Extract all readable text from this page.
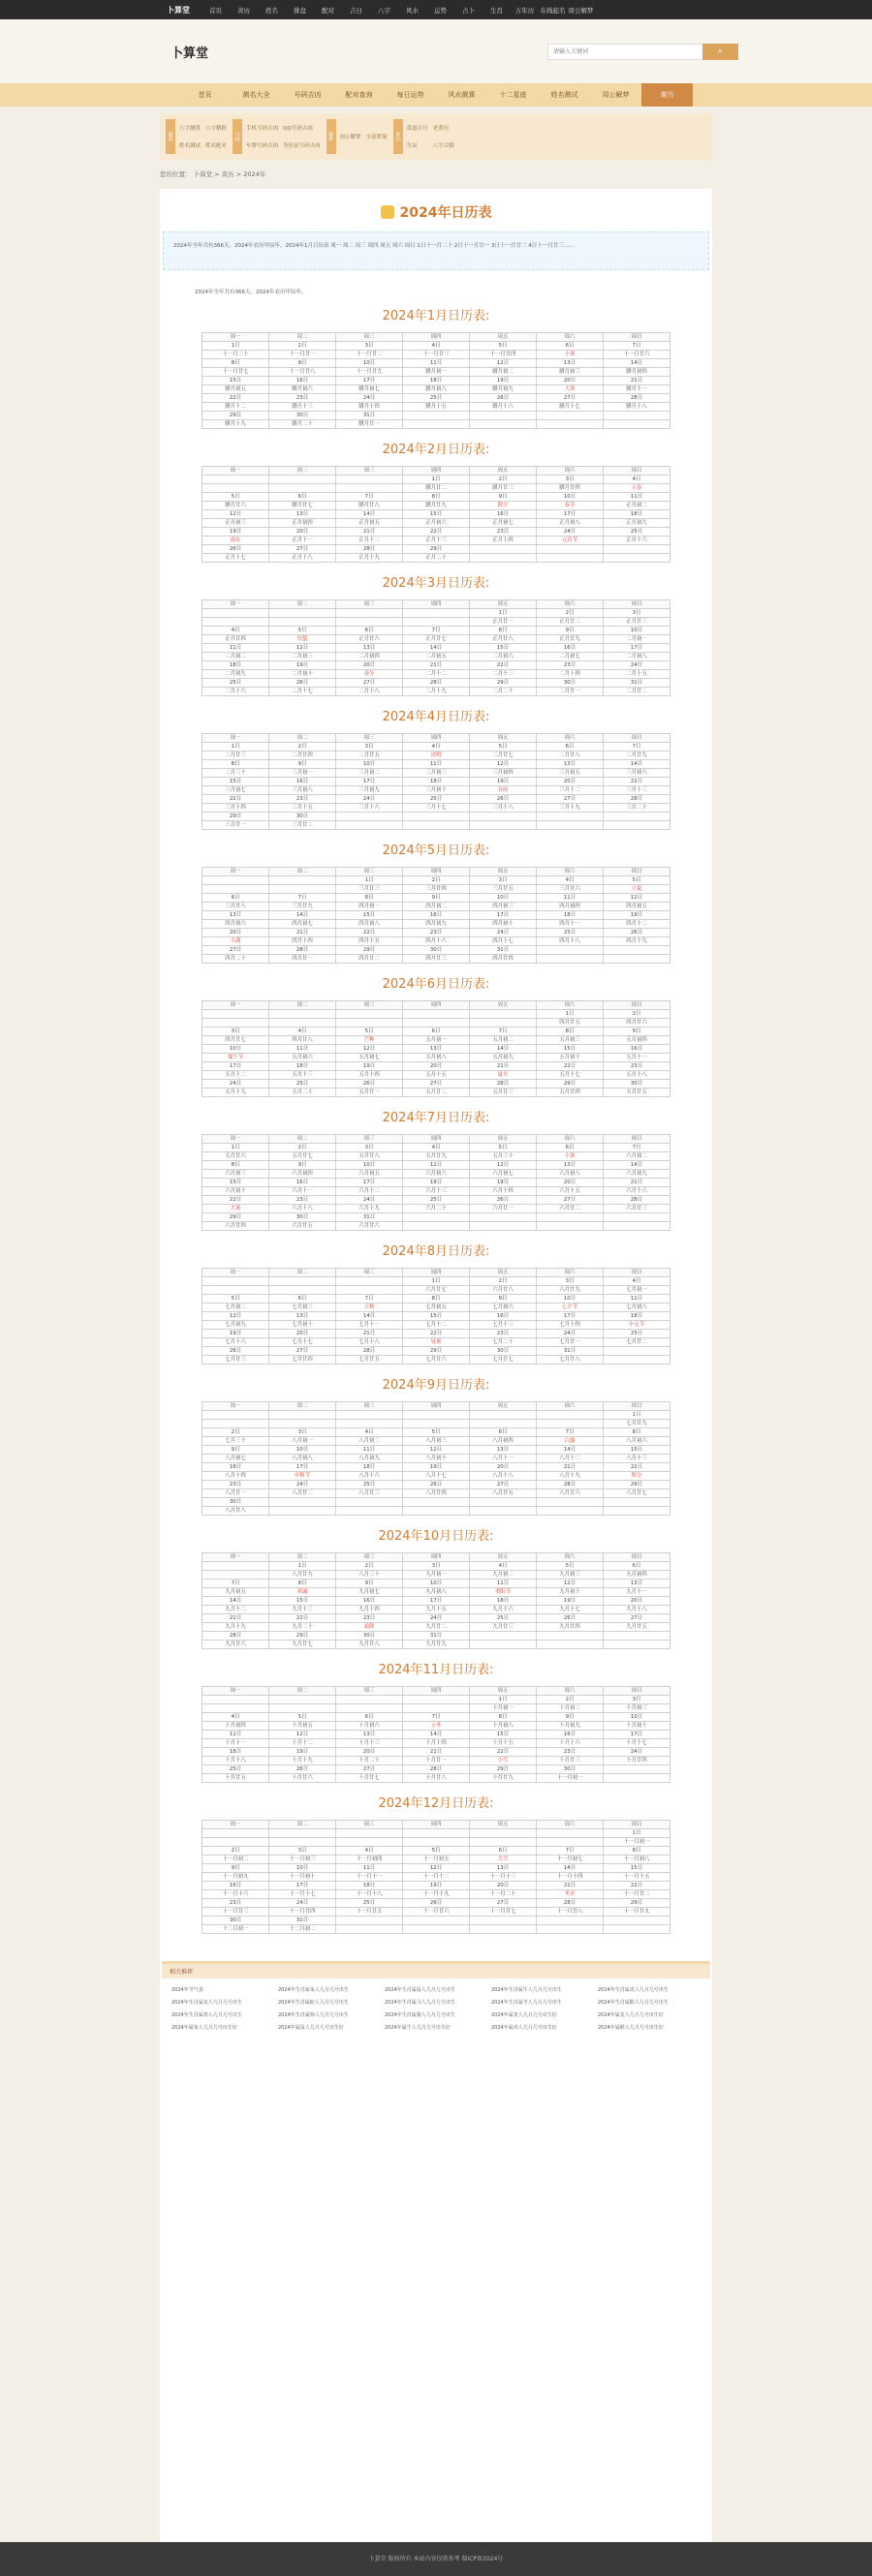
卜算堂	首页	黄历	姓名	排盘	配对	吉日	八字	风水	运势	占卜	生肖	万年历 在线起名 周公解梦
卜算堂
请输入关键词	⌕
首页	测名大全	号码吉凶	配对查询	每日运势	风水测算	十二星座	姓名测试	周公解梦	黄历
测算
八字测算 八字精批
姓名测试 姓名配对
号码
手机号码吉凶 QQ号码吉凶
车牌号码吉凶 身份证号码吉凶
解梦	周公解梦 全部梦境	黄历
黄道吉日 老黄历
生辰	八字合婚
您的位置： 卜算堂 > 黄历 > 2024年
2024年日历表
2024年全年共有366天。2024年农历甲辰年，2024年1月日历表 周一 周二 周三 周四 周五 周六 周日 1日十一月二十 2日十一月廿一 3日十一月廿二 4日十一月廿三……
2024年全年共有366天，2024年农历甲辰年。
2024年1月日历表:
周一	周二	周三	周四	周五	周六	周日
1日	2日	3日	4日	5日	6日	7日
十一月二十	十一月廿一	十一月廿二	十一月廿三	十一月廿四	小寒	十一月廿六
8日	9日	10日	11日	12日	13日	14日
十一月廿七	十一月廿八	十一月廿九	腊月初一	腊月初二	腊月初三	腊月初四
15日	16日	17日	18日	19日	20日	21日
腊月初五	腊月初六	腊月初七	腊月初八	腊月初九	大寒	腊月十一
22日	23日	24日	25日	26日	27日	28日
腊月十二	腊月十三	腊月十四	腊月十五	腊月十六	腊月十七	腊月十八
29日	30日	31日				
腊月十九	腊月二十	腊月廿一				
2024年2月日历表:
周一	周二	周三	周四	周五	周六	周日
			1日	2日	3日	4日
			腊月廿二	腊月廿三	腊月廿四	立春
5日	6日	7日	8日	9日	10日	11日
腊月廿六	腊月廿七	腊月廿八	腊月廿九	除夕	春节	正月初二
12日	13日	14日	15日	16日	17日	18日
正月初三	正月初四	正月初五	正月初六	正月初七	正月初八	正月初九
19日	20日	21日	22日	23日	24日	25日
雨水	正月十一	正月十二	正月十三	正月十四	元宵节	正月十六
26日	27日	28日	29日			
正月十七	正月十八	正月十九	正月二十			
2024年3月日历表:
周一	周二	周三	周四	周五	周六	周日
				1日	2日	3日
				正月廿一	正月廿二	正月廿三
4日	5日	6日	7日	8日	9日	10日
正月廿四	惊蛰	正月廿六	正月廿七	正月廿八	正月廿九	二月初一
11日	12日	13日	14日	15日	16日	17日
二月初二	二月初三	二月初四	二月初五	二月初六	二月初七	二月初八
18日	19日	20日	21日	22日	23日	24日
二月初九	二月初十	春分	二月十二	二月十三	二月十四	二月十五
25日	26日	27日	28日	29日	30日	31日
二月十六	二月十七	二月十八	二月十九	二月二十	二月廿一	二月廿二
2024年4月日历表:
周一	周二	周三	周四	周五	周六	周日
1日	2日	3日	4日	5日	6日	7日
二月廿三	二月廿四	二月廿五	清明	二月廿七	二月廿八	二月廿九
8日	9日	10日	11日	12日	13日	14日
二月三十	三月初一	三月初二	三月初三	三月初四	三月初五	三月初六
15日	16日	17日	18日	19日	20日	21日
三月初七	三月初八	三月初九	三月初十	谷雨	三月十二	三月十三
22日	23日	24日	25日	26日	27日	28日
三月十四	三月十五	三月十六	三月十七	三月十八	三月十九	三月二十
29日	30日					
三月廿一	三月廿二					
2024年5月日历表:
周一	周二	周三	周四	周五	周六	周日
		1日	2日	3日	4日	5日
		三月廿三	三月廿四	三月廿五	三月廿六	立夏
6日	7日	8日	9日	10日	11日	12日
三月廿八	三月廿九	四月初一	四月初二	四月初三	四月初四	四月初五
13日	14日	15日	16日	17日	18日	19日
四月初六	四月初七	四月初八	四月初九	四月初十	四月十一	四月十二
20日	21日	22日	23日	24日	25日	26日
小满	四月十四	四月十五	四月十六	四月十七	四月十八	四月十九
27日	28日	29日	30日	31日		
四月二十	四月廿一	四月廿二	四月廿三	四月廿四		
2024年6月日历表:
周一	周二	周三	周四	周五	周六	周日
					1日	2日
					四月廿五	四月廿六
3日	4日	5日	6日	7日	8日	9日
四月廿七	四月廿八	芒种	五月初一	五月初二	五月初三	五月初四
10日	11日	12日	13日	14日	15日	16日
端午节	五月初六	五月初七	五月初八	五月初九	五月初十	五月十一
17日	18日	19日	20日	21日	22日	23日
五月十二	五月十三	五月十四	五月十五	夏至	五月十七	五月十八
24日	25日	26日	27日	28日	29日	30日
五月十九	五月二十	五月廿一	五月廿二	五月廿三	五月廿四	五月廿五
2024年7月日历表:
周一	周二	周三	周四	周五	周六	周日
1日	2日	3日	4日	5日	6日	7日
五月廿六	五月廿七	五月廿八	五月廿九	五月三十	小暑	六月初二
8日	9日	10日	11日	12日	13日	14日
六月初三	六月初四	六月初五	六月初六	六月初七	六月初八	六月初九
15日	16日	17日	18日	19日	20日	21日
六月初十	六月十一	六月十二	六月十三	六月十四	六月十五	六月十六
22日	23日	24日	25日	26日	27日	28日
大暑	六月十八	六月十九	六月二十	六月廿一	六月廿二	六月廿三
29日	30日	31日				
六月廿四	六月廿五	六月廿六				
2024年8月日历表:
周一	周二	周三	周四	周五	周六	周日
			1日	2日	3日	4日
			六月廿七	六月廿八	六月廿九	七月初一
5日	6日	7日	8日	9日	10日	11日
七月初二	七月初三	立秋	七月初五	七月初六	七夕节	七月初八
12日	13日	14日	15日	16日	17日	18日
七月初九	七月初十	七月十一	七月十二	七月十三	七月十四	中元节
19日	20日	21日	22日	23日	24日	25日
七月十六	七月十七	七月十八	处暑	七月二十	七月廿一	七月廿二
26日	27日	28日	29日	30日	31日	
七月廿三	七月廿四	七月廿五	七月廿六	七月廿七	七月廿八	
2024年9月日历表:
周一	周二	周三	周四	周五	周六	周日
						1日
						七月廿九
2日	3日	4日	5日	6日	7日	8日
七月三十	八月初一	八月初二	八月初三	八月初四	白露	八月初六
9日	10日	11日	12日	13日	14日	15日
八月初七	八月初八	八月初九	八月初十	八月十一	八月十二	八月十三
16日	17日	18日	19日	20日	21日	22日
八月十四	中秋节	八月十六	八月十七	八月十八	八月十九	秋分
23日	24日	25日	26日	27日	28日	29日
八月廿一	八月廿二	八月廿三	八月廿四	八月廿五	八月廿六	八月廿七
30日						
八月廿八						
2024年10月日历表:
周一	周二	周三	周四	周五	周六	周日
	1日	2日	3日	4日	5日	6日
	八月廿九	八月三十	九月初一	九月初二	九月初三	九月初四
7日	8日	9日	10日	11日	12日	13日
九月初五	寒露	九月初七	九月初八	重阳节	九月初十	九月十一
14日	15日	16日	17日	18日	19日	20日
九月十二	九月十三	九月十四	九月十五	九月十六	九月十七	九月十八
21日	22日	23日	24日	25日	26日	27日
九月十九	九月二十	霜降	九月廿二	九月廿三	九月廿四	九月廿五
28日	29日	30日	31日			
九月廿六	九月廿七	九月廿八	九月廿九			
2024年11月日历表:
周一	周二	周三	周四	周五	周六	周日
				1日	2日	3日
				十月初一	十月初二	十月初三
4日	5日	6日	7日	8日	9日	10日
十月初四	十月初五	十月初六	立冬	十月初八	十月初九	十月初十
11日	12日	13日	14日	15日	16日	17日
十月十一	十月十二	十月十三	十月十四	十月十五	十月十六	十月十七
18日	19日	20日	21日	22日	23日	24日
十月十八	十月十九	十月二十	十月廿一	小雪	十月廿三	十月廿四
25日	26日	27日	28日	29日	30日	
十月廿五	十月廿六	十月廿七	十月廿八	十月廿九	十一月初一	
2024年12月日历表:
周一	周二	周三	周四	周五	周六	周日
						1日
						十一月初一
2日	3日	4日	5日	6日	7日	8日
十一月初二	十一月初三	十一月初四	十一月初五	大雪	十一月初七	十一月初八
9日	10日	11日	12日	13日	14日	15日
十一月初九	十一月初十	十一月十一	十一月十二	十一月十三	十一月十四	十一月十五
16日	17日	18日	19日	20日	21日	22日
十一月十六	十一月十七	十一月十八	十一月十九	十一月二十	冬至	十一月廿二
23日	24日	25日	26日	27日	28日	29日
十一月廿三	十一月廿四	十一月廿五	十一月廿六	十一月廿七	十一月廿八	十一月廿九
30日	31日					
十二月初一	十二月初二					
相关推荐
2024年节气表	2024年生肖属兔人几月几号出生	2024年生肖属鼠人几月几号出生	2024年生肖属牛人几月几号出生	2024年生肖属虎人几月几号出生
2024年生肖属龙人几月几号出生	2024年生肖属蛇人几月几号出生	2024年生肖属马人几月几号出生	2024年生肖属羊人几月几号出生	2024年生肖属猴人几月几号出生
2024年生肖属鸡人几月几号出生	2024年生肖属狗人几月几号出生	2024年生肖属猪人几月几号出生	2024年属龙人几月几号出生好	2024年属龙人几月几号出生好
2024年属兔人几月几号出生好	2024年属鼠人几月几号出生好	2024年属牛人几月几号出生好	2024年属虎人几月几号出生好	2024年属猴人几月几号出生好
卜算堂 版权所有 本站内容仅供参考 蜀ICP备2024号
